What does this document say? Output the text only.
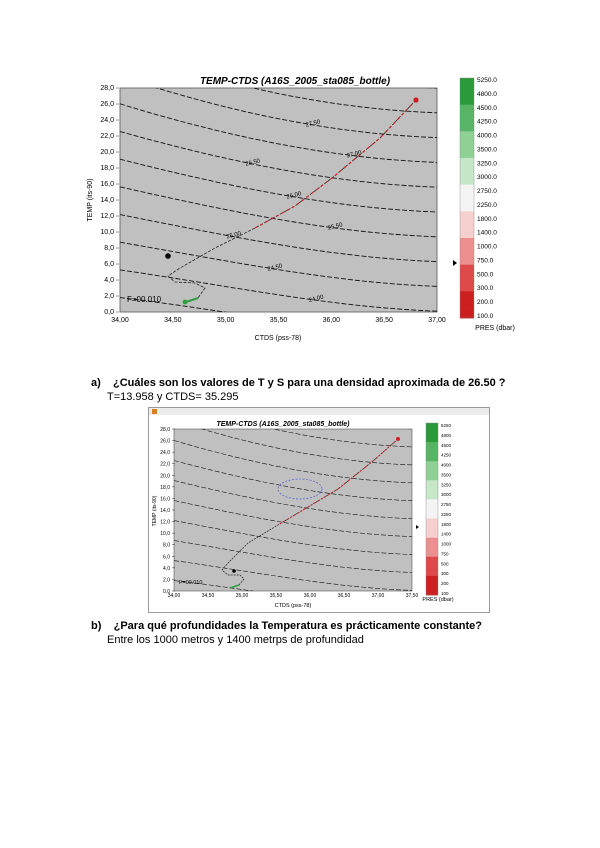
TEMP-CTDS (A16S_2005_sta085_bottle)
27.50
27.00
26.50
26.00
25.50
25.00
24.50
24.00
F=00.010
0,0
2,0
4,0
6,0
8,0
10,0
12,0
14,0
16,0
18,0
20,0
22,0
24,0
26,0
28,0
34,00	34,50	35,00	35,50	36,00	36,50	37,00
TEMP (its-90)
CTDS (pss-78)
5250.0
4800.0
4500.0
4250.0
4000.0
3500.0
3250.0
3000.0
2750.0
2250.0
1800.0
1400.0
1000.0
750.0
500.0
300.0
200.0
100.0
PRES (dbar)
a) ¿Cuáles son los valores de T y S para una densidad aproximada de 26.50 ?
T=13.958 y CTDS= 35.295
TEMP-CTDS (A16S_2005_sta085_bottle)
F=00.010
0,0
2,0
4,0
6,0
8,0
10,0
12,0
14,0
16,0
18,0
20,0
22,0
24,0
26,0
28,0
34,00	34,50	35,00	35,50	36,00	36,50	37,00	37,50
TEMP (its-90)
CTDS (pss-78)
5250
4800
4500
4250
4000
3500
3250
3000
2750
2250
1800
1400
1000
750
500
300
200
100
PRES (dbar)
b) ¿Para qué profundidades la Temperatura es prácticamente constante?
Entre los 1000 metros y 1400 metrps de profundidad
